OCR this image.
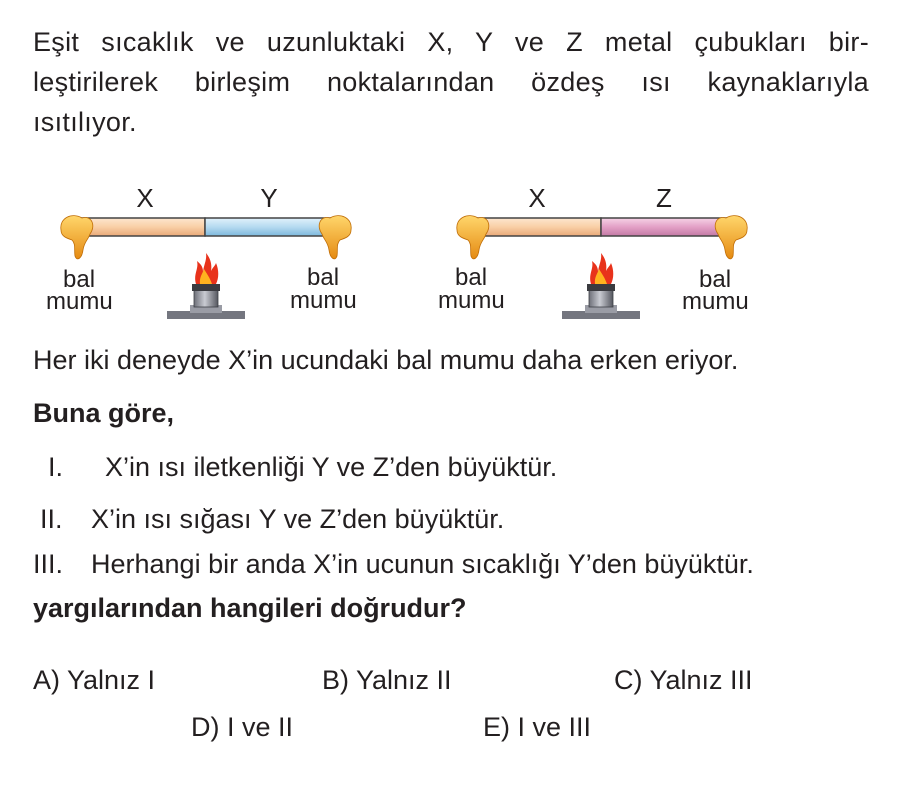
Eşit sıcaklık ve uzunluktaki X, Y ve Z metal çubukları bir-
leştirilerek birleşim noktalarından özdeş ısı kaynaklarıyla
ısıtılıyor.
X	Y
bal mumu
bal mumu
X	Z
bal mumu
bal mumu
Her iki deneyde X’in ucundaki bal mumu daha erken eriyor.
Buna göre,
I. X’in ısı iletkenliği Y ve Z’den büyüktür.
II. X’in ısı sığası Y ve Z’den büyüktür.
III. Herhangi bir anda X’in ucunun sıcaklığı Y’den büyüktür.
yargılarından hangileri doğrudur?
A) Yalnız I	B) Yalnız II	C) Yalnız III
D) I ve II	E) I ve III
